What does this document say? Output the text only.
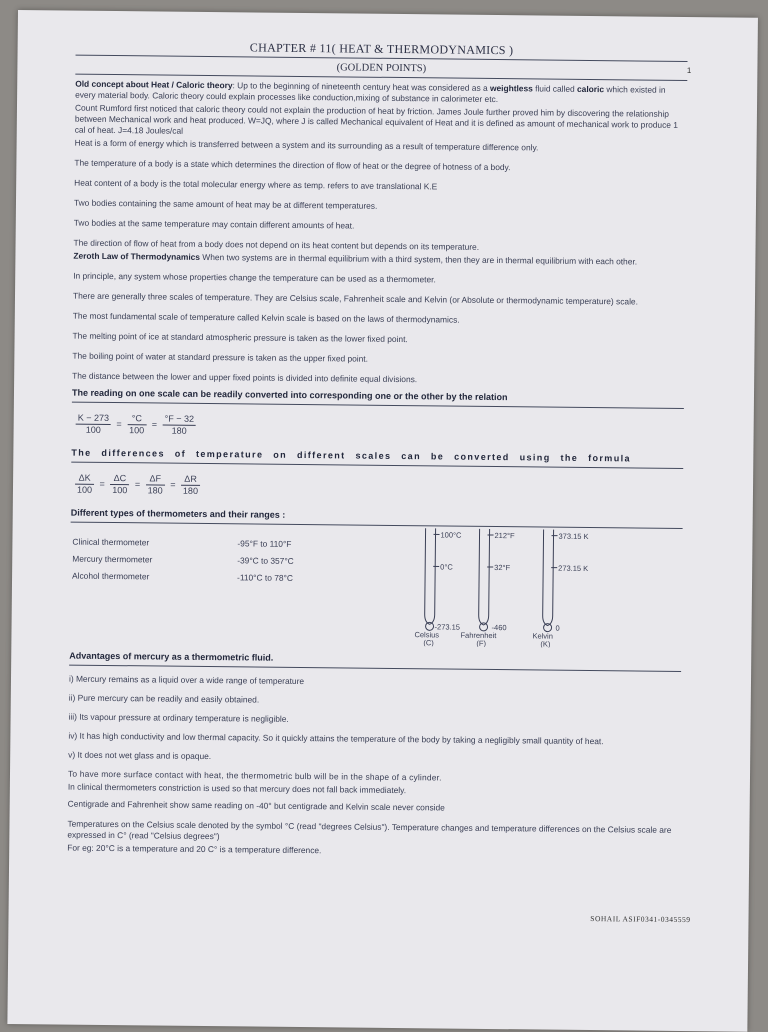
1
CHAPTER # 11( HEAT & THERMODYNAMICS )
(GOLDEN POINTS)

Old concept about Heat / Caloric theory: Up to the beginning of nineteenth century heat was considered as a weightless fluid called caloric which existed in every material body. Caloric theory could explain processes like conduction,mixing of substance in calorimeter etc.

Count Rumford first noticed that caloric theory could not explain the production of heat by friction. James Joule further proved him by discovering the relationship between Mechanical work and heat produced. W=JQ, where J is called Mechanical equivalent of Heat and it is defined as amount of mechanical work to produce 1 cal of heat. J=4.18 Joules/cal

Heat is a form of energy which is transferred between a system and its surrounding as a result of temperature difference only.

The temperature of a body is a state which determines the direction of flow of heat or the degree of hotness of a body.

Heat content of a body is the total molecular energy where as temp. refers to ave translational K.E

Two bodies containing the same amount of heat may be at different temperatures.

Two bodies at the same temperature may contain different amounts of heat.

The direction of flow of heat from a body does not depend on its heat content but depends on its temperature.

Zeroth Law of Thermodynamics When two systems are in thermal equilibrium with a third system, then they are in thermal equilibrium with each other.

In principle, any system whose properties change the temperature can be used as a thermometer.

There are generally three scales of temperature. They are Celsius scale, Fahrenheit scale and Kelvin (or Absolute or thermodynamic temperature) scale.

The most fundamental scale of temperature called Kelvin scale is based on the laws of thermodynamics.

The melting point of ice at standard atmospheric pressure is taken as the lower fixed point.

The boiling point of water at standard pressure is taken as the upper fixed point.

The distance between the lower and upper fixed points is divided into definite equal divisions.

The reading on one scale can be readily converted into corresponding one or the other by the relation
$\frac{K - 273}{100} = \frac{^\circ C}{100} = \frac{^\circ F - 32}{180}$
The differences of temperature on different scales can be converted using the formula
$\frac{\Delta K}{100} = \frac{\Delta C}{100} = \frac{\Delta F}{180} = \frac{\Delta R}{180}$
Different types of thermometers and their ranges :
Clinical thermometer	-95°F to 110°F
Mercury thermometer	-39°C to 357°C
Alcohol thermometer	-110°C to 78°C
100°C
0°C
-273.15
Celsius
(C)
212°F
32°F
-460
Fahrenheit
(F)
373.15 K
273.15 K
0
Kelvin
(K)
Advantages of mercury as a thermometric fluid.

i) Mercury remains as a liquid over a wide range of temperature

ii) Pure mercury can be readily and easily obtained.

iii) Its vapour pressure at ordinary temperature is negligible.

iv) It has high conductivity and low thermal capacity. So it quickly attains the temperature of the body by taking a negligibly small quantity of heat.

v) It does not wet glass and is opaque.

To have more surface contact with heat, the thermometric bulb will be in the shape of a cylinder.

In clinical thermometers constriction is used so that mercury does not fall back immediately.

Centigrade and Fahrenheit show same reading on -40° but centigrade and Kelvin scale never conside

Temperatures on the Celsius scale denoted by the symbol °C (read "degrees Celsius"). Temperature changes and temperature differences on the Celsius scale are expressed in C° (read "Celsius degrees")

For eg: 20°C is a temperature and 20 C° is a temperature difference.

SOHAIL ASIF0341-0345559
